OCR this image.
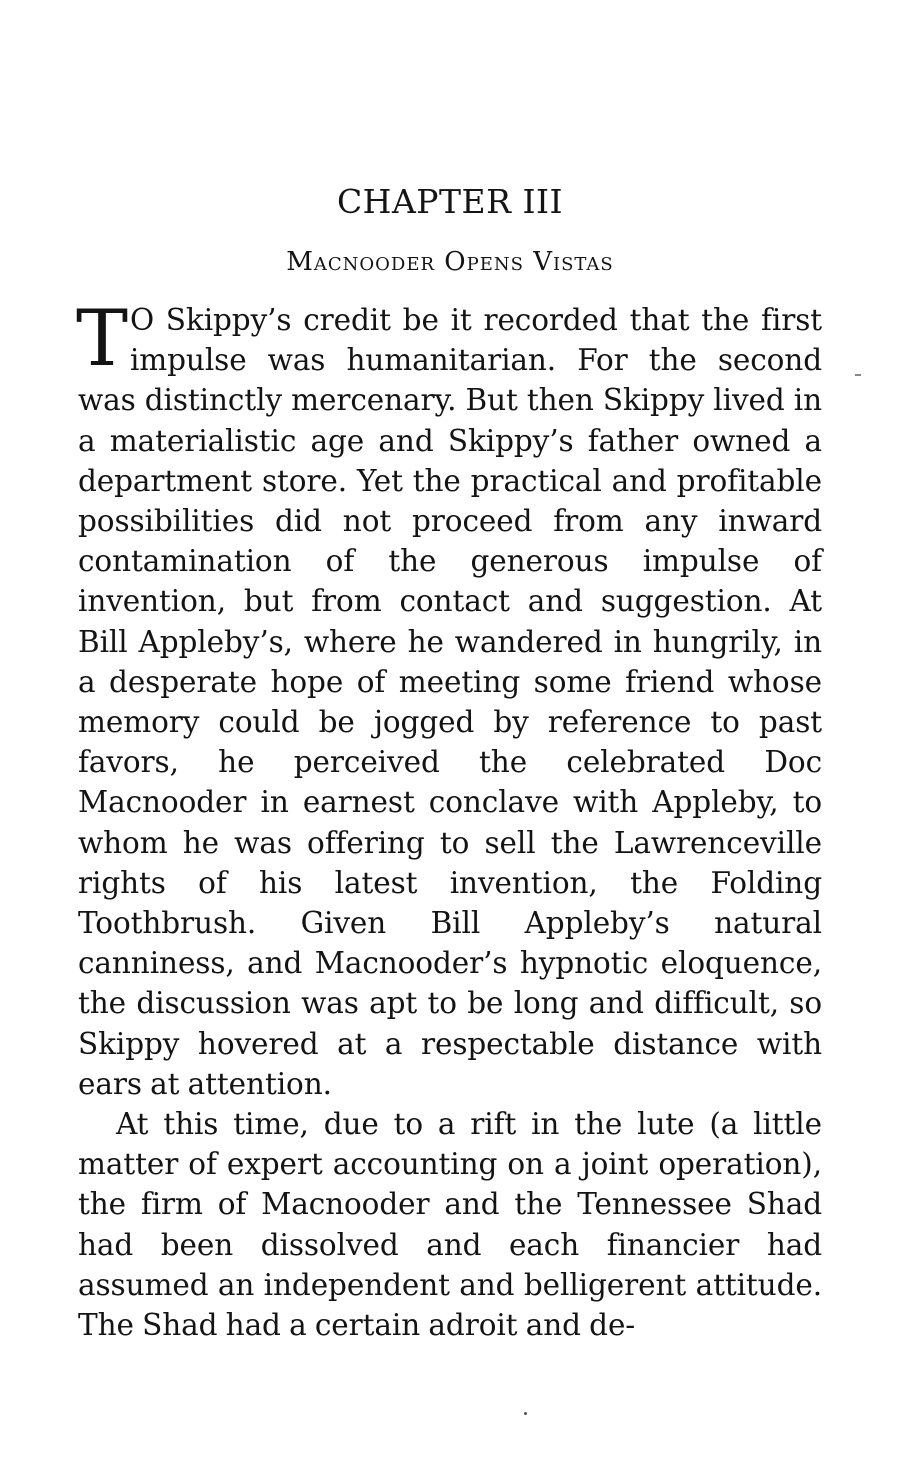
CHAPTER III
Macnooder Opens Vistas

T O Skippy’s credit be it recorded that the first impulse was humanitarian. For the second was distinctly mercenary. But then Skippy lived in a materialistic age and Skippy’s father owned a department store. Yet the practical and profitable possibilities did not proceed from any inward contamination of the generous impulse of invention, but from contact and suggestion. At Bill Appleby’s, where he wandered in hungrily, in a desperate hope of meeting some friend whose memory could be jogged by reference to past favors, he perceived the celebrated Doc Macnooder in earnest conclave with Appleby, to whom he was offering to sell the Lawrenceville rights of his latest invention, the Folding Toothbrush. Given Bill Appleby’s natural canniness, and Macnooder’s hypnotic eloquence, the discussion was apt to be long and difficult, so Skippy hovered at a respectable distance with ears at attention.

At this time, due to a rift in the lute (a little matter of expert accounting on a joint operation), the firm of Macnooder and the Tennessee Shad had been dissolved and each financier had assumed an independent and belligerent attitude. The Shad had a certain adroit and de-
